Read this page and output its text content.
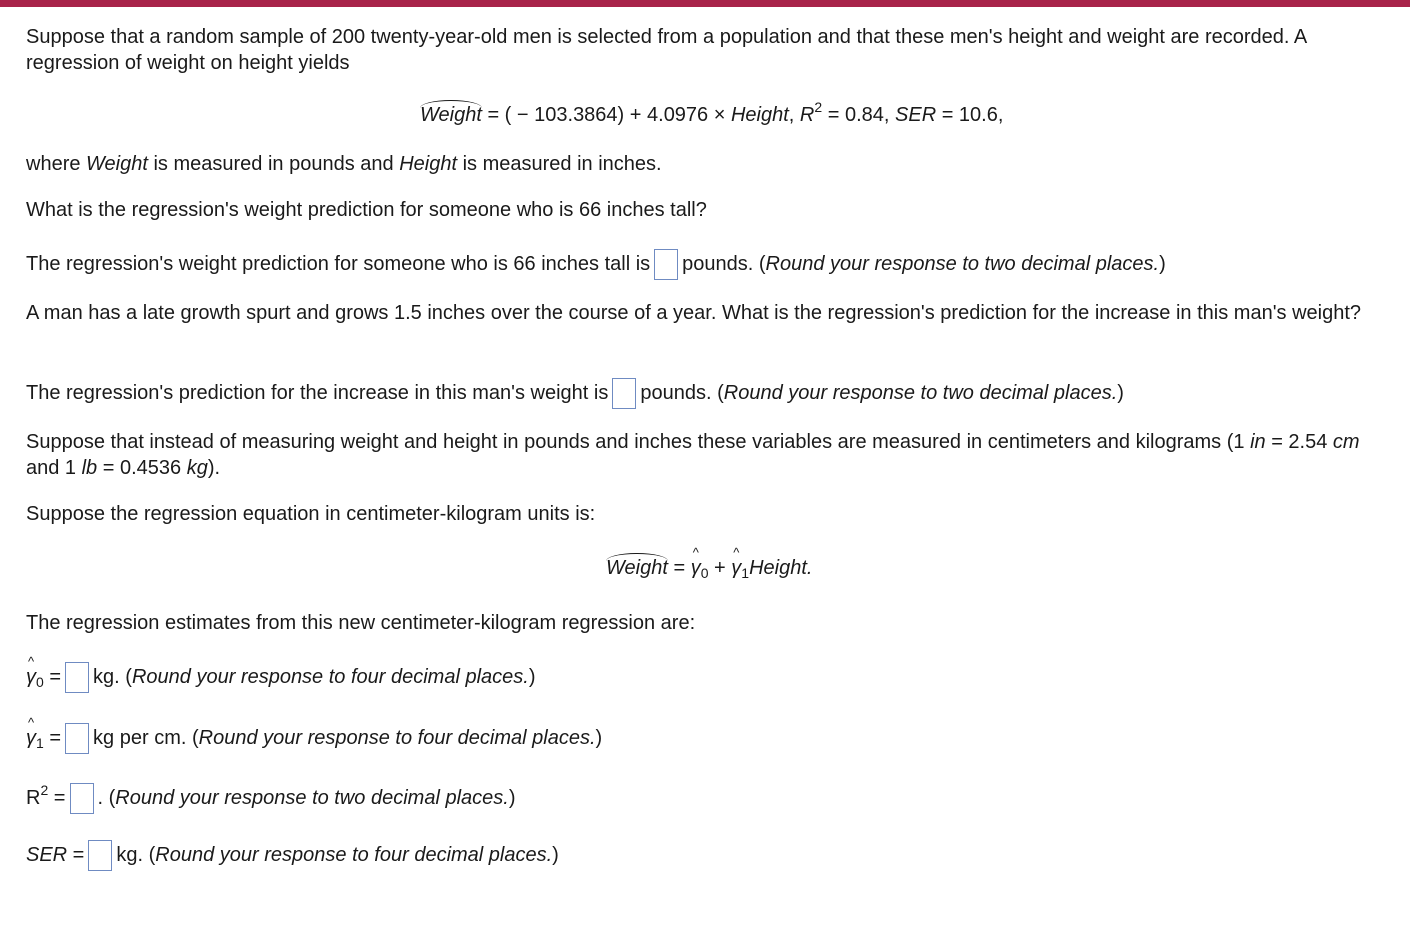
Suppose that a random sample of 200 twenty-year-old men is selected from a population and that these men's height and weight are recorded. A regression of weight on height yields
Weight = ( − 103.3864) + 4.0976 × Height, $R^2 = 0.84$, SER = 10.6,
where Weight is measured in pounds and Height is measured in inches.
What is the regression's weight prediction for someone who is 66 inches tall?
The regression's weight prediction for someone who is 66 inches tall is pounds. (Round your response to two decimal places.)
A man has a late growth spurt and grows 1.5 inches over the course of a year. What is the regression's prediction for the increase in this man's weight?
The regression's prediction for the increase in this man's weight is pounds. (Round your response to two decimal places.)
Suppose that instead of measuring weight and height in pounds and inches these variables are measured in centimeters and kilograms (1 in = 2.54 cm and 1 lb = 0.4536 kg).
Suppose the regression equation in centimeter-kilogram units is:
Weight = ^ $\gamma_0$ + ^ $\gamma_1Height$.
The regression estimates from this new centimeter-kilogram regression are:
^ $\gamma_0$ = kg. (Round your response to four decimal places.)
^ $\gamma_1$ = kg per cm. (Round your response to four decimal places.)
$R^2$ = . (Round your response to two decimal places.)
SER = kg. (Round your response to four decimal places.)
